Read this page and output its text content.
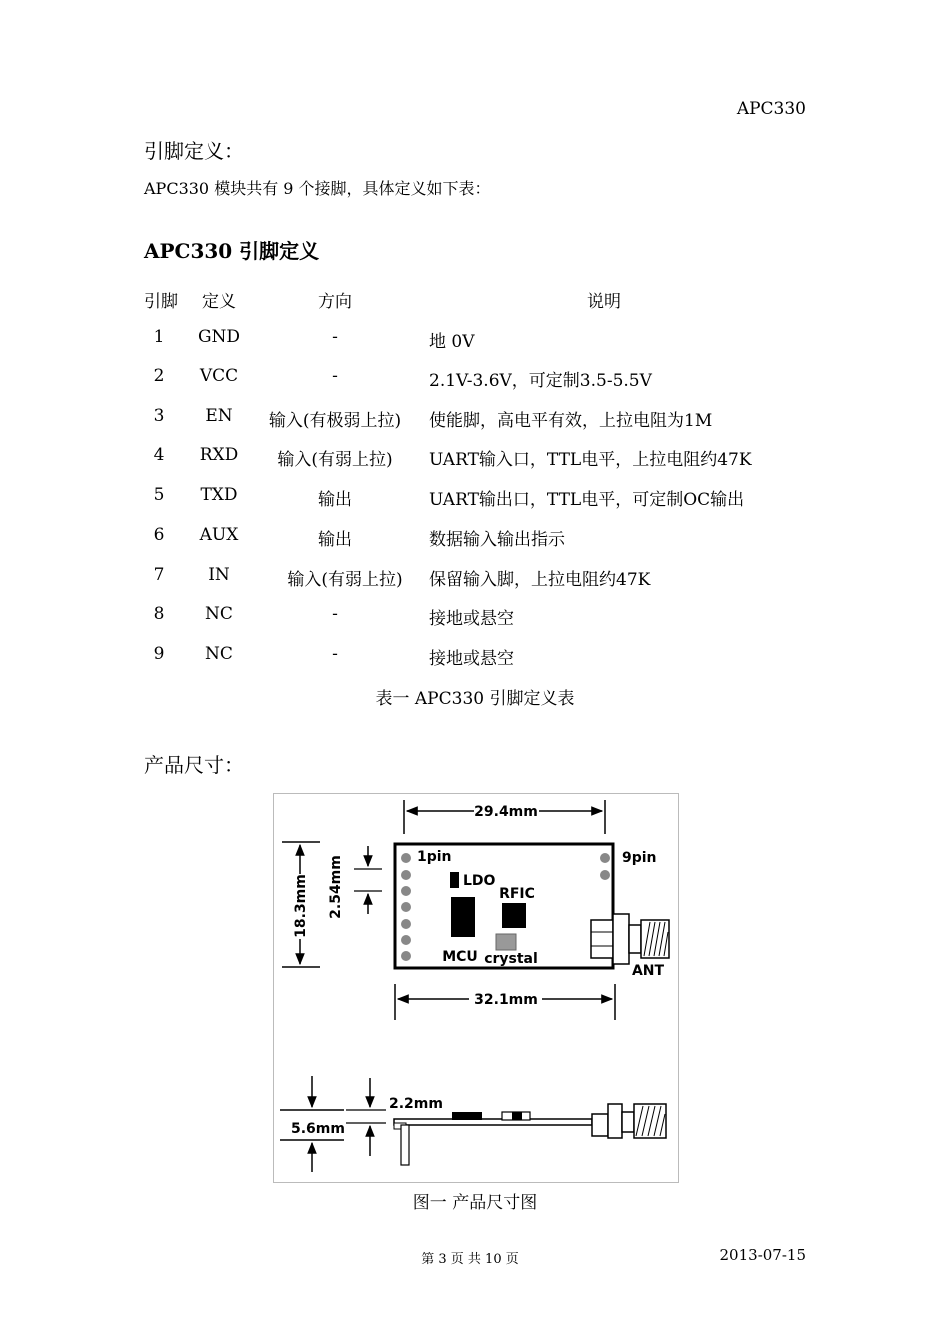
APC330
引脚定义：
APC330 模块共有 9 个接脚，具体定义如下表：
APC330 引脚定义
引脚	定义	方向	说明
1	GND	-	地 0V
2	VCC	-	2.1V-3.6V，可定制3.5-5.5V
3	EN	输入(有极弱上拉)	使能脚，高电平有效，上拉电阻为1M
4	RXD	输入(有弱上拉)	UART输入口，TTL电平，上拉电阻约47K
5	TXD	输出	UART输出口，TTL电平，可定制OC输出
6	AUX	输出	数据输入输出指示
7	IN	输入(有弱上拉)	保留输入脚，上拉电阻约47K
8	NC	-	接地或悬空
9	NC	-	接地或悬空
表一 APC330 引脚定义表
产品尺寸：
29.4mm
18.3mm 2.54mm	1pin	9pin
LDO
MCU
RFIC
crystal
ANT
32.1mm
5.6mm
2.2mm
图一 产品尺寸图
第 3 页 共 10 页	2013-07-15
